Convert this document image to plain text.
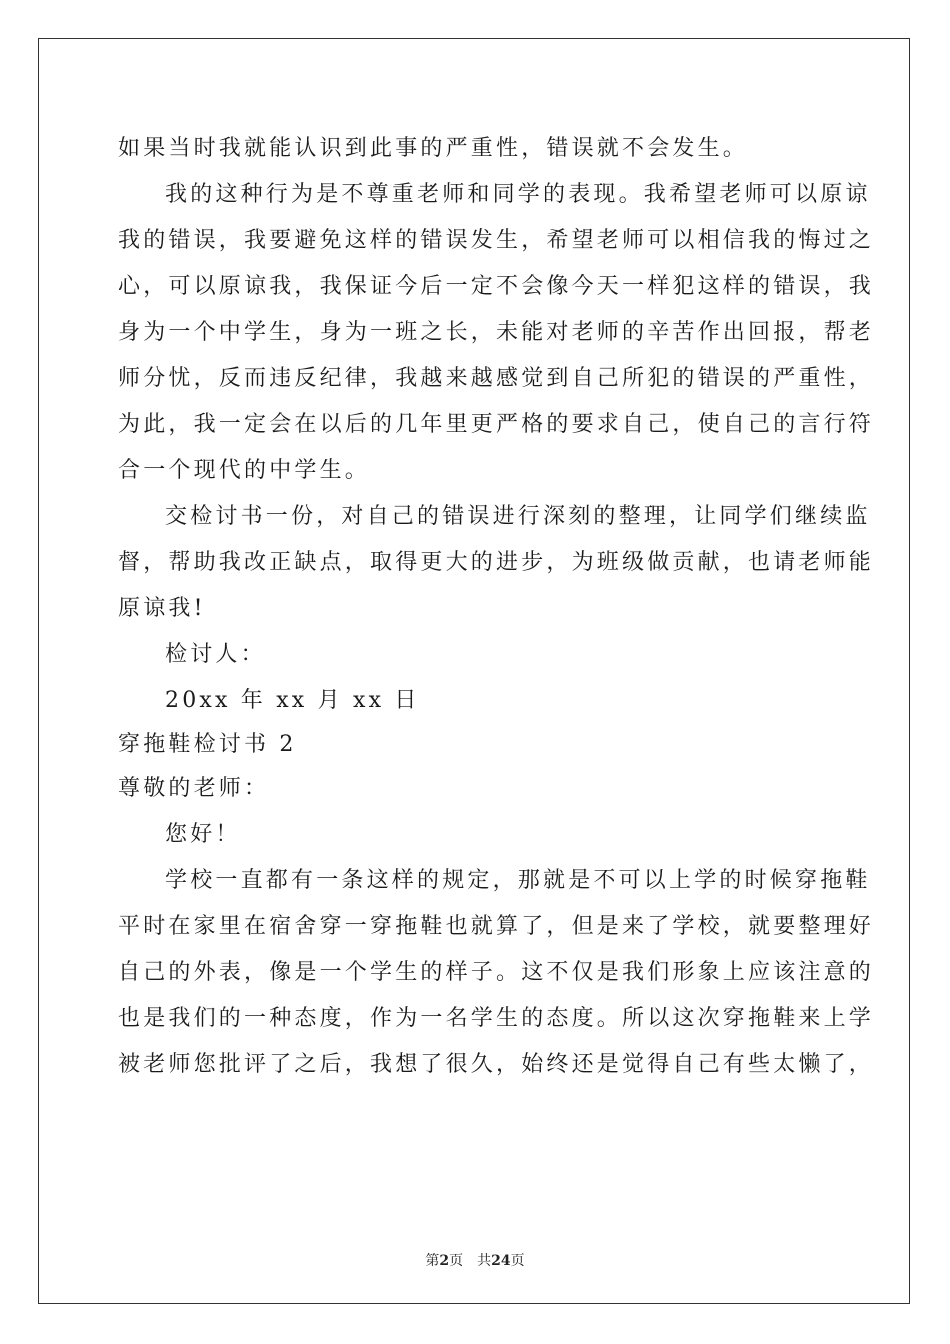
如果当时我就能认识到此事的严重性，错误就不会发生。
我的这种行为是不尊重老师和同学的表现。我希望老师可以原谅
我的错误，我要避免这样的错误发生，希望老师可以相信我的悔过之
心，可以原谅我，我保证今后一定不会像今天一样犯这样的错误，我
身为一个中学生，身为一班之长，未能对老师的辛苦作出回报，帮老
师分忧，反而违反纪律，我越来越感觉到自己所犯的错误的严重性，
为此，我一定会在以后的几年里更严格的要求自己，使自己的言行符
合一个现代的中学生。
交检讨书一份，对自己的错误进行深刻的整理，让同学们继续监
督，帮助我改正缺点，取得更大的进步，为班级做贡献，也请老师能
原谅我!
检讨人：
20xx 年 xx 月 xx 日
穿拖鞋检讨书 2
尊敬的老师：
您好！
学校一直都有一条这样的规定，那就是不可以上学的时候穿拖鞋
平时在家里在宿舍穿一穿拖鞋也就算了，但是来了学校，就要整理好
自己的外表，像是一个学生的样子。这不仅是我们形象上应该注意的
也是我们的一种态度，作为一名学生的态度。所以这次穿拖鞋来上学
被老师您批评了之后，我想了很久，始终还是觉得自己有些太懒了，
第2页 共24页
